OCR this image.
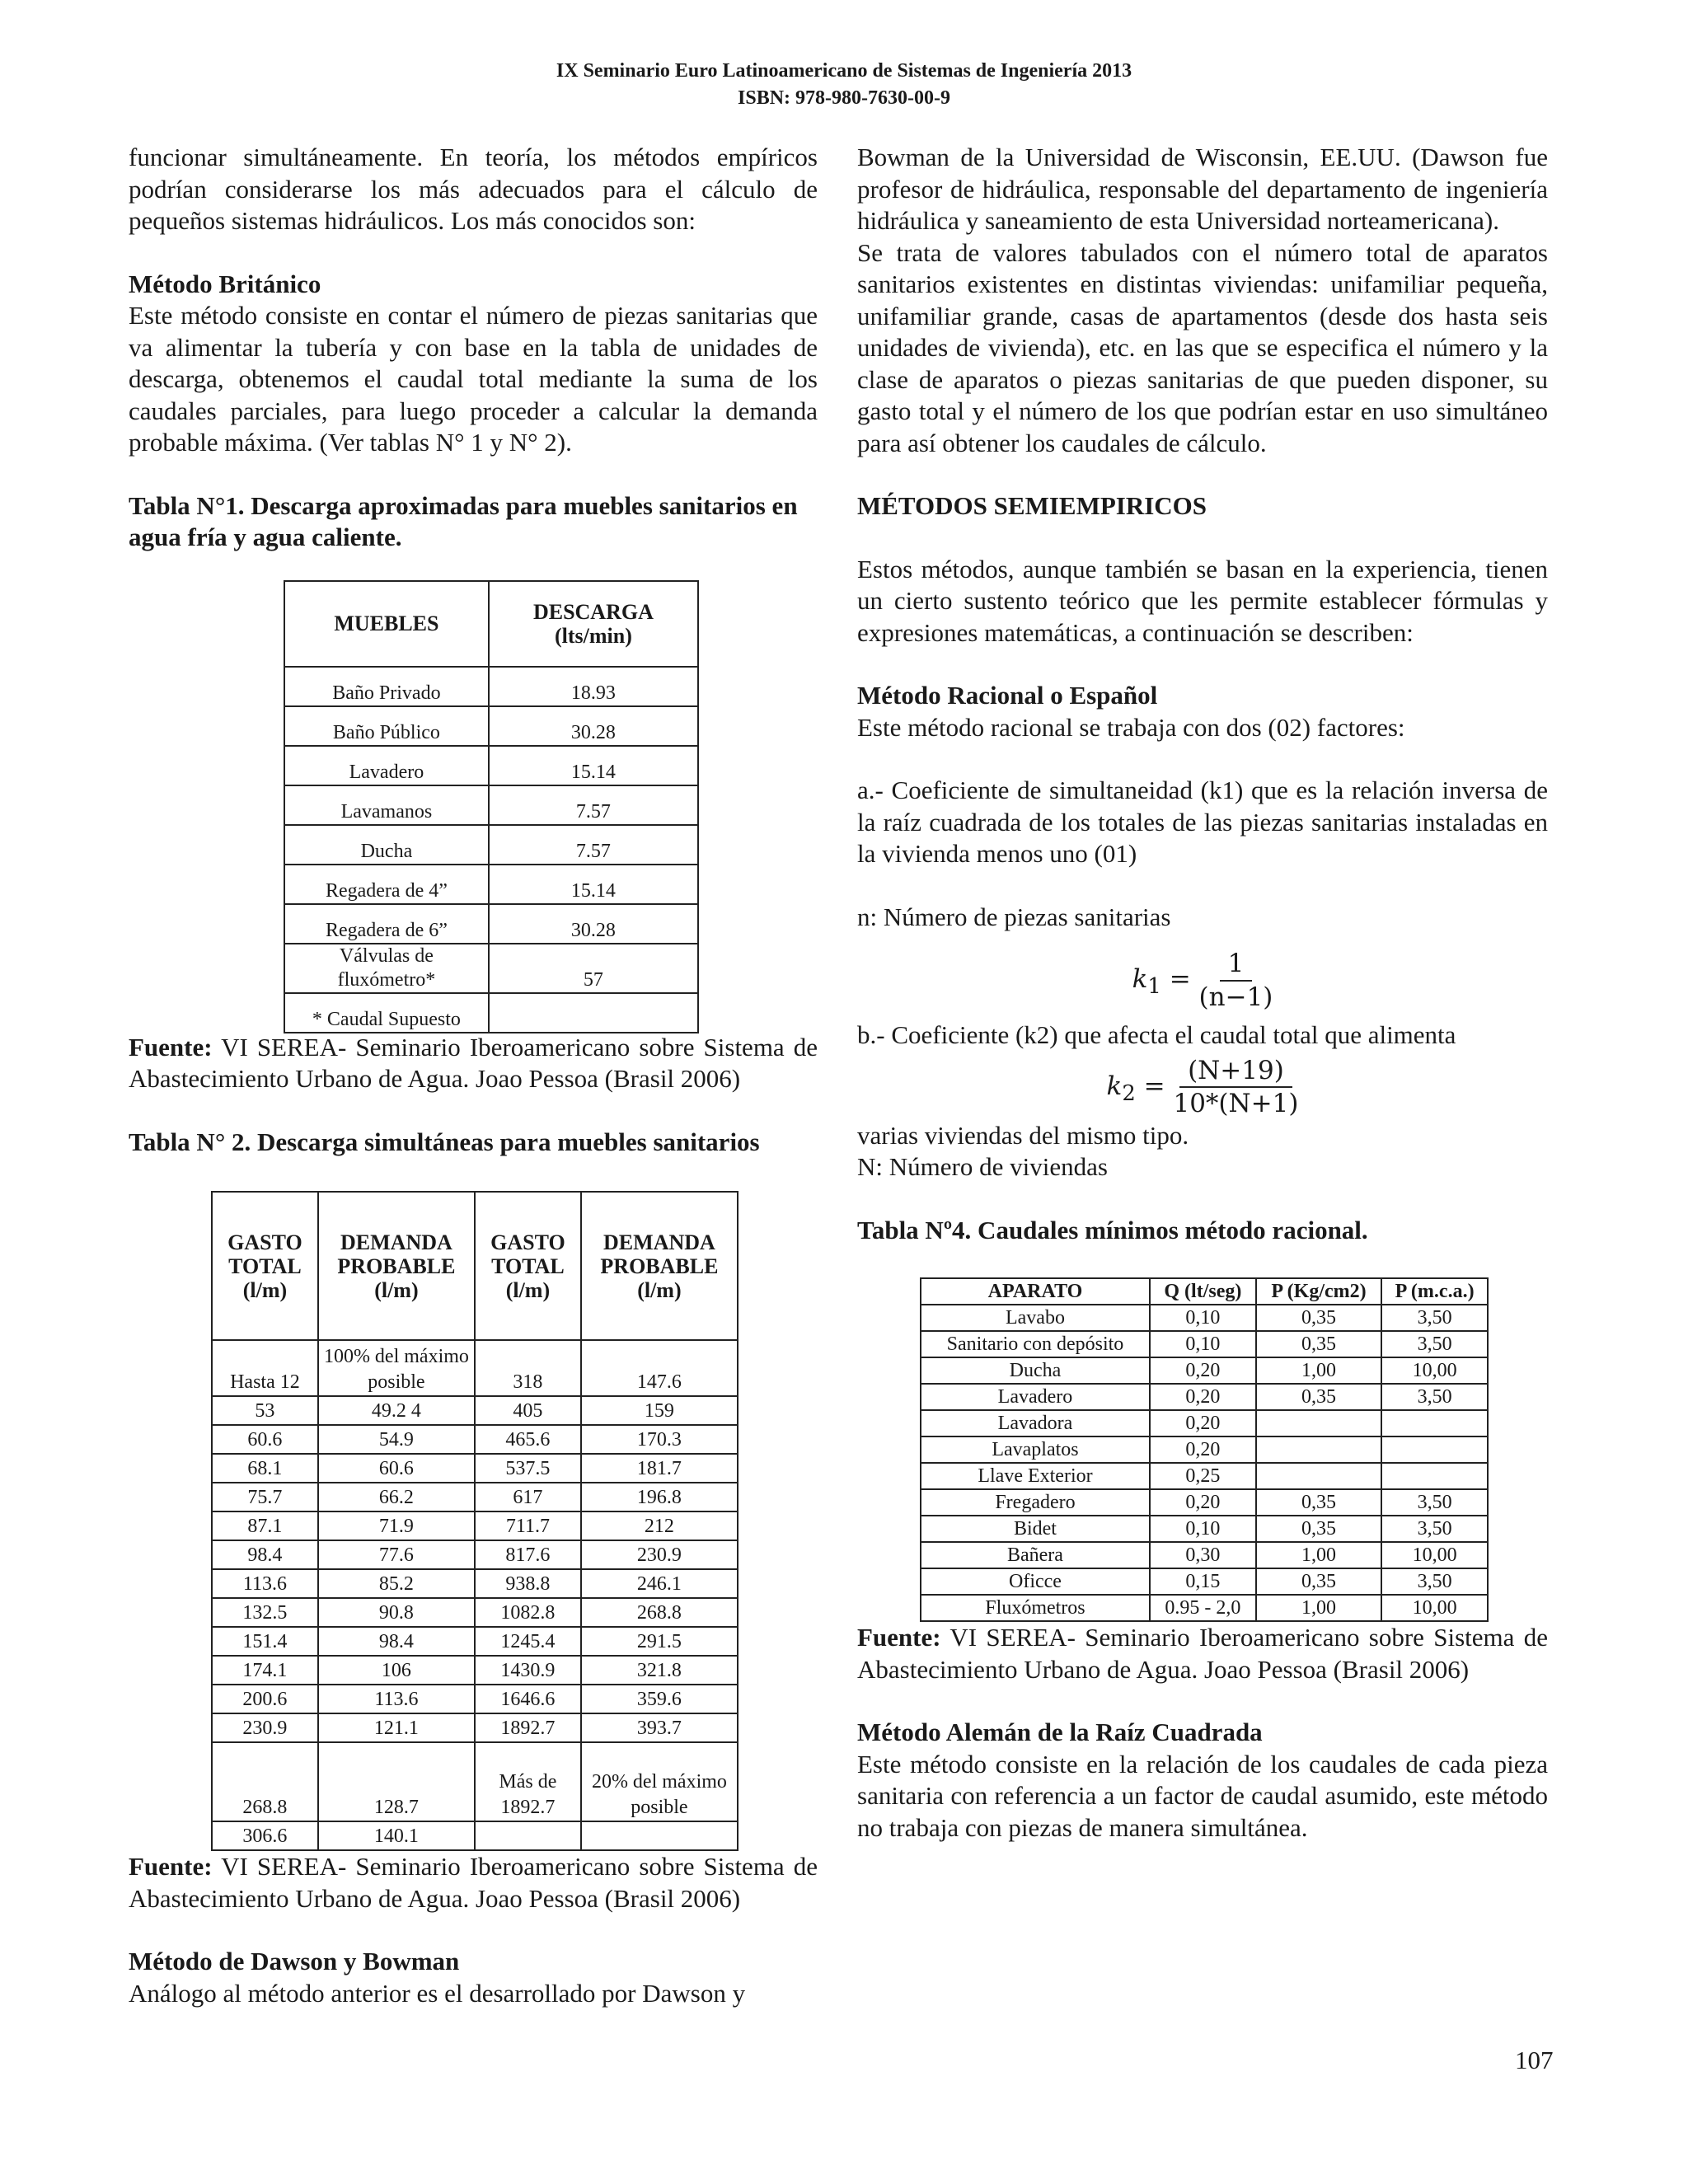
IX Seminario Euro Latinoamericano de Sistemas de Ingeniería 2013
ISBN: 978-980-7630-00-9

funcionar simultáneamente. En teoría, los métodos empíricos podrían considerarse los más adecuados para el cálculo de pequeños sistemas hidráulicos. Los más conocidos son:

Método Británico

Este método consiste en contar el número de piezas sanitarias que va alimentar la tubería y con base en la tabla de unidades de descarga, obtenemos el caudal total mediante la suma de los caudales parciales, para luego proceder a calcular la demanda probable máxima. (Ver tablas N° 1 y N° 2).

Tabla N°1. Descarga aproximadas para muebles sanitarios en agua fría y agua caliente.

MUEBLES	DESCARGA (lts/min)
Baño Privado	18.93
Baño Público	30.28
Lavadero	15.14
Lavamanos	7.57
Ducha	7.57
Regadera de 4”	15.14
Regadera de 6”	30.28
Válvulas de fluxómetro*	57
* Caudal Supuesto	

Fuente: VI SEREA- Seminario Iberoamericano sobre Sistema de Abastecimiento Urbano de Agua. Joao Pessoa (Brasil 2006)

Tabla N° 2. Descarga simultáneas para muebles sanitarios

GASTO TOTAL (l/m)	DEMANDA PROBABLE (l/m)	GASTO TOTAL (l/m)	DEMANDA PROBABLE (l/m)
Hasta 12	100% del máximo posible	318	147.6
53	49.2 4	405	159
60.6	54.9	465.6	170.3
68.1	60.6	537.5	181.7
75.7	66.2	617	196.8
87.1	71.9	711.7	212
98.4	77.6	817.6	230.9
113.6	85.2	938.8	246.1
132.5	90.8	1082.8	268.8
151.4	98.4	1245.4	291.5
174.1	106	1430.9	321.8
200.6	113.6	1646.6	359.6
230.9	121.1	1892.7	393.7
268.8	128.7	Más de 1892.7	20% del máximo posible
306.6	140.1		

Fuente: VI SEREA- Seminario Iberoamericano sobre Sistema de Abastecimiento Urbano de Agua. Joao Pessoa (Brasil 2006)

Método de Dawson y Bowman

Análogo al método anterior es el desarrollado por Dawson y

Bowman de la Universidad de Wisconsin, EE.UU. (Dawson fue profesor de hidráulica, responsable del departamento de ingeniería hidráulica y saneamiento de esta Universidad norteamericana).

Se trata de valores tabulados con el número total de aparatos sanitarios existentes en distintas viviendas: unifamiliar pequeña, unifamiliar grande, casas de apartamentos (desde dos hasta seis unidades de vivienda), etc. en las que se especifica el número y la clase de aparatos o piezas sanitarias de que pueden disponer, su gasto total y el número de los que podrían estar en uso simultáneo para así obtener los caudales de cálculo.

MÉTODOS SEMIEMPIRICOS

Estos métodos, aunque también se basan en la experiencia, tienen un cierto sustento teórico que les permite establecer fórmulas y expresiones matemáticas, a continuación se describen:

Método Racional o Español

Este método racional se trabaja con dos (02) factores:

a.- Coeficiente de simultaneidad (k1) que es la relación inversa de la raíz cuadrada de los totales de las piezas sanitarias instaladas en la vivienda menos uno (01)

n: Número de piezas sanitarias

$k_1 = \frac{1}{(n-1)}$

b.- Coeficiente (k2) que afecta el caudal total que alimenta

$k_2 = \frac{(N+19)}{10*(N+1)}$

varias viviendas del mismo tipo.

N: Número de viviendas

Tabla Nº4. Caudales mínimos método racional.

APARATO	Q (lt/seg)	P (Kg/cm2)	P (m.c.a.)
Lavabo	0,10	0,35	3,50
Sanitario con depósito	0,10	0,35	3,50
Ducha	0,20	1,00	10,00
Lavadero	0,20	0,35	3,50
Lavadora	0,20		
Lavaplatos	0,20		
Llave Exterior	0,25		
Fregadero	0,20	0,35	3,50
Bidet	0,10	0,35	3,50
Bañera	0,30	1,00	10,00
Oficce	0,15	0,35	3,50
Fluxómetros	0.95 - 2,0	1,00	10,00

Fuente: VI SEREA- Seminario Iberoamericano sobre Sistema de Abastecimiento Urbano de Agua. Joao Pessoa (Brasil 2006)

Método Alemán de la Raíz Cuadrada

Este método consiste en la relación de los caudales de cada pieza sanitaria con referencia a un factor de caudal asumido, este método no trabaja con piezas de manera simultánea.

107
